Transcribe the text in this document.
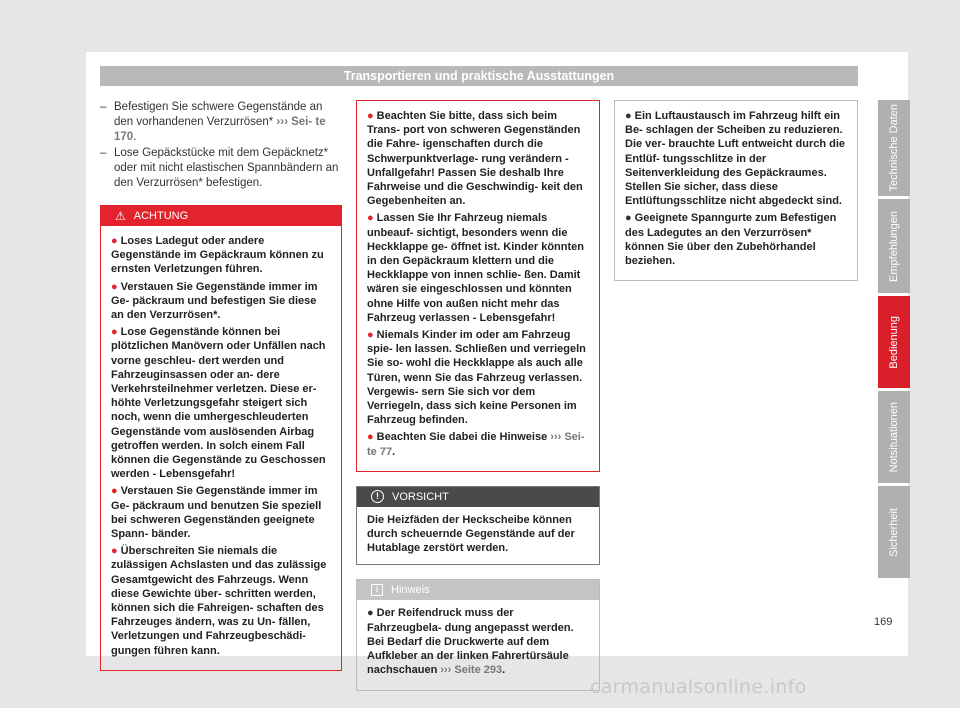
Transportieren und praktische Ausstattungen
– Befestigen Sie schwere Gegenstände an den vorhandenen Verzurrösen* ››› Sei- te 170.
– Lose Gepäckstücke mit dem Gepäcknetz* oder mit nicht elastischen Spannbändern an den Verzurrösen* befestigen.
⚠ ACHTUNG
● Loses Ladegut oder andere Gegenstände im Gepäckraum können zu ernsten Verletzungen führen.
● Verstauen Sie Gegenstände immer im Ge- päckraum und befestigen Sie diese an den Verzurrösen*.
● Lose Gegenstände können bei plötzlichen Manövern oder Unfällen nach vorne geschleu- dert werden und Fahrzeuginsassen oder an- dere Verkehrsteilnehmer verletzen. Diese er- höhte Verletzungsgefahr steigert sich noch, wenn die umhergeschleuderten Gegenstände vom auslösenden Airbag getroffen werden. In solch einem Fall können die Gegenstände zu Geschossen werden - Lebensgefahr!
● Verstauen Sie Gegenstände immer im Ge- päckraum und benutzen Sie speziell bei schweren Gegenständen geeignete Spann- bänder.
● Überschreiten Sie niemals die zulässigen Achslasten und das zulässige Gesamtgewicht des Fahrzeugs. Wenn diese Gewichte über- schritten werden, können sich die Fahreigen- schaften des Fahrzeuges ändern, was zu Un- fällen, Verletzungen und Fahrzeugbeschädi- gungen führen kann.
● Beachten Sie bitte, dass sich beim Trans- port von schweren Gegenständen die Fahre- igenschaften durch die Schwerpunktverlage- rung verändern - Unfallgefahr! Passen Sie deshalb Ihre Fahrweise und die Geschwindig- keit den Gegebenheiten an.
● Lassen Sie Ihr Fahrzeug niemals unbeauf- sichtigt, besonders wenn die Heckklappe ge- öffnet ist. Kinder könnten in den Gepäckraum klettern und die Heckklappe von innen schlie- ßen. Damit wären sie eingeschlossen und könnten ohne Hilfe von außen nicht mehr das Fahrzeug verlassen - Lebensgefahr!
● Niemals Kinder im oder am Fahrzeug spie- len lassen. Schließen und verriegeln Sie so- wohl die Heckklappe als auch alle Türen, wenn Sie das Fahrzeug verlassen. Vergewis- sern Sie sich vor dem Verriegeln, dass sich keine Personen im Fahrzeug befinden.
● Beachten Sie dabei die Hinweise ››› Sei- te 77.
!	VORSICHT
Die Heizfäden der Heckscheibe können durch scheuernde Gegenstände auf der Hutablage zerstört werden.
i	Hinweis
● Der Reifendruck muss der Fahrzeugbela- dung angepasst werden. Bei Bedarf die Druckwerte auf dem Aufkleber an der linken Fahrertürsäule nachschauen ››› Seite 293.
● Ein Luftaustausch im Fahrzeug hilft ein Be- schlagen der Scheiben zu reduzieren. Die ver- brauchte Luft entweicht durch die Entlüf- tungsschlitze in der Seitenverkleidung des Gepäckraumes. Stellen Sie sicher, dass diese Entlüftungsschlitze nicht abgedeckt sind.
● Geeignete Spanngurte zum Befestigen des Ladegutes an den Verzurrösen* können Sie über den Zubehörhandel beziehen.
Technische Daten
Empfehlungen
Bedienung
Notsituationen
Sicherheit
169
carmanualsonline.info
